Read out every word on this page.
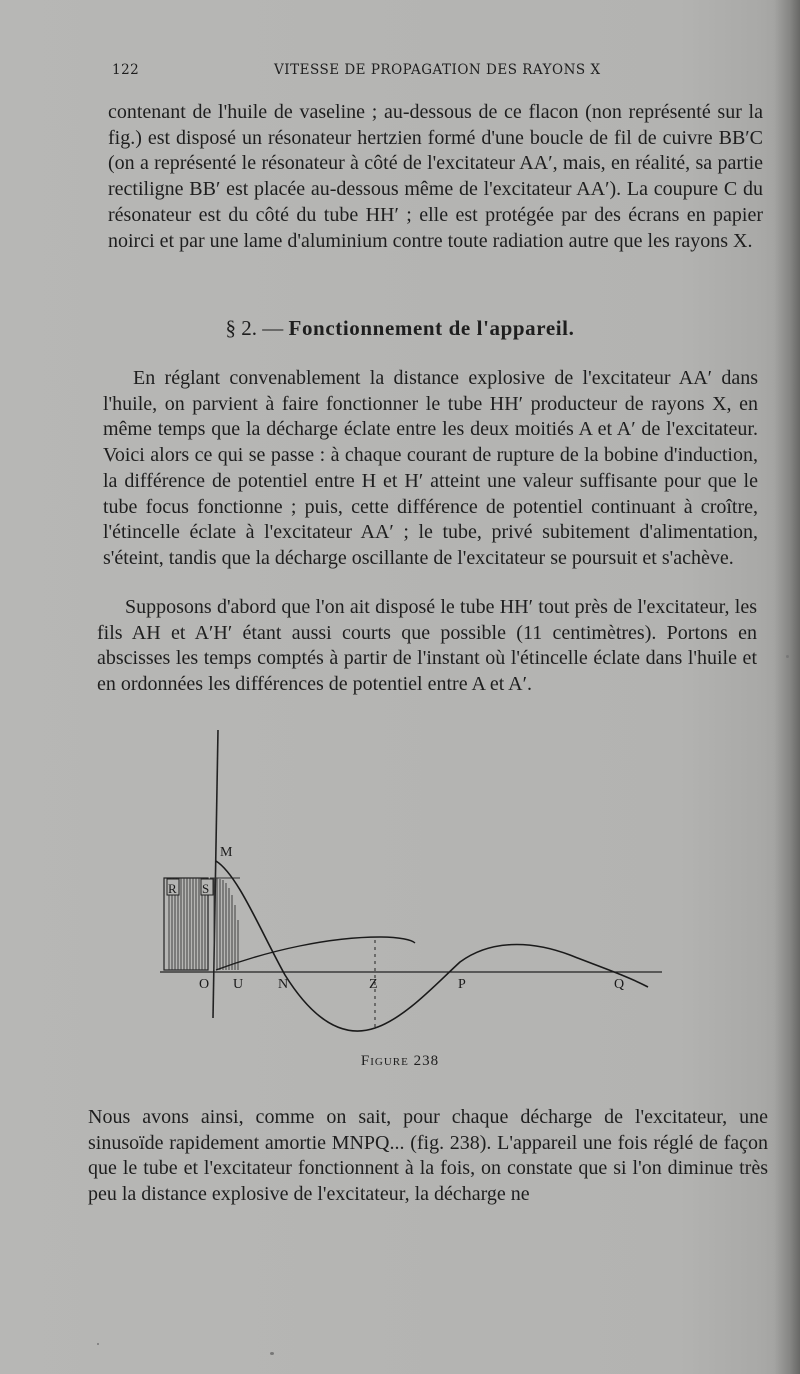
122	VITESSE DE PROPAGATION DES RAYONS X

contenant de l'huile de vaseline ; au-dessous de ce flacon (non représenté sur la fig.) est disposé un résonateur hertzien formé d'une boucle de fil de cuivre BB′C (on a représenté le résonateur à côté de l'excitateur AA′, mais, en réalité, sa partie rectiligne BB′ est placée au-dessous même de l'excitateur AA′). La coupure C du résonateur est du côté du tube HH′ ; elle est protégée par des écrans en papier noirci et par une lame d'aluminium contre toute radiation autre que les rayons X.

§ 2. — Fonctionnement de l'appareil.

En réglant convenablement la distance explosive de l'excitateur AA′ dans l'huile, on parvient à faire fonctionner le tube HH′ producteur de rayons X, en même temps que la décharge éclate entre les deux moitiés A et A′ de l'excitateur. Voici alors ce qui se passe : à chaque courant de rupture de la bobine d'induction, la différence de potentiel entre H et H′ atteint une valeur suffisante pour que le tube focus fonctionne ; puis, cette différence de potentiel continuant à croître, l'étincelle éclate à l'excitateur AA′ ; le tube, privé subitement d'alimentation, s'éteint, tandis que la décharge oscillante de l'excitateur se poursuit et s'achève.

Supposons d'abord que l'on ait disposé le tube HH′ tout près de l'excitateur, les fils AH et A′H′ étant aussi courts que possible (11 centimètres). Portons en abscisses les temps comptés à partir de l'instant où l'étincelle éclate dans l'huile et en ordonnées les différences de potentiel entre A et A′.

M
R S
O U N	Z	P	Q
Figure 238

Nous avons ainsi, comme on sait, pour chaque décharge de l'excitateur, une sinusoïde rapidement amortie MNPQ... (fig. 238). L'appareil une fois réglé de façon que le tube et l'excitateur fonctionnent à la fois, on constate que si l'on diminue très peu la distance explosive de l'excitateur, la décharge ne
